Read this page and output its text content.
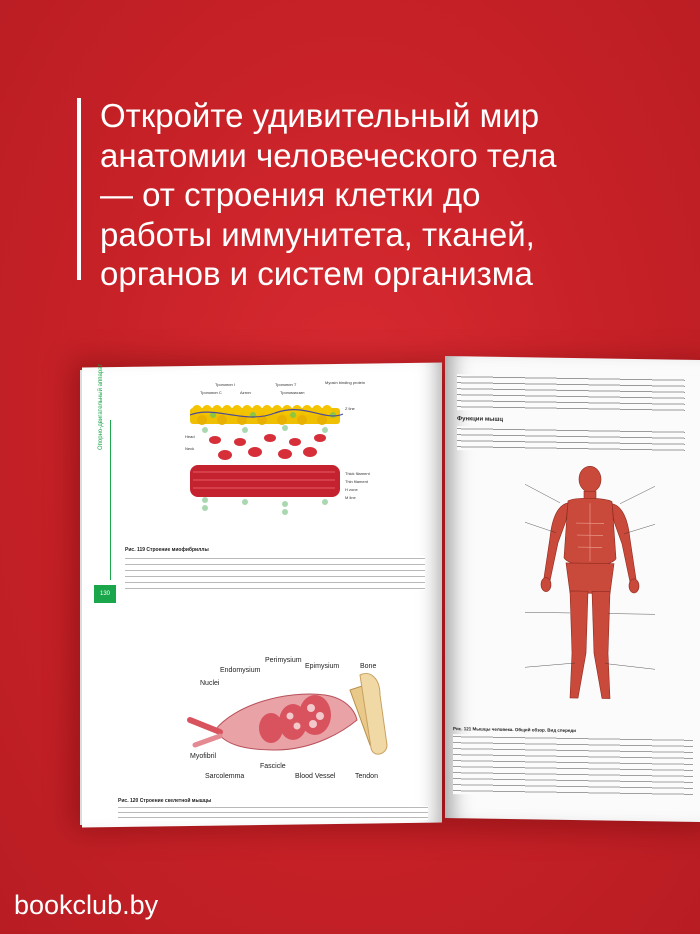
Откройте удивительный мир
анатомии человеческого тела
— от строения клетки до
работы иммунитета, тканей,
органов и систем организма
Опорно-двигательный аппарат
130
Тропонин I
Тропонин С	Актин
Тропонин Т
Тропомиозин
Myosin binding protein
Z line
Head
Neck
Thick filament
Thin filament
H zone
M line
Рис. 119 Строение миофибриллы
Perimysium
Epimysium	Bone
Endomysium
Nuclei
Myofibril
Fascicle
Sarcolemma	Blood Vessel	Tendon
Рис. 120 Строение скелетной мышцы
Функции мышц
Рис. 121 Мышцы человека. Общий обзор. Вид спереди
bookclub.by
